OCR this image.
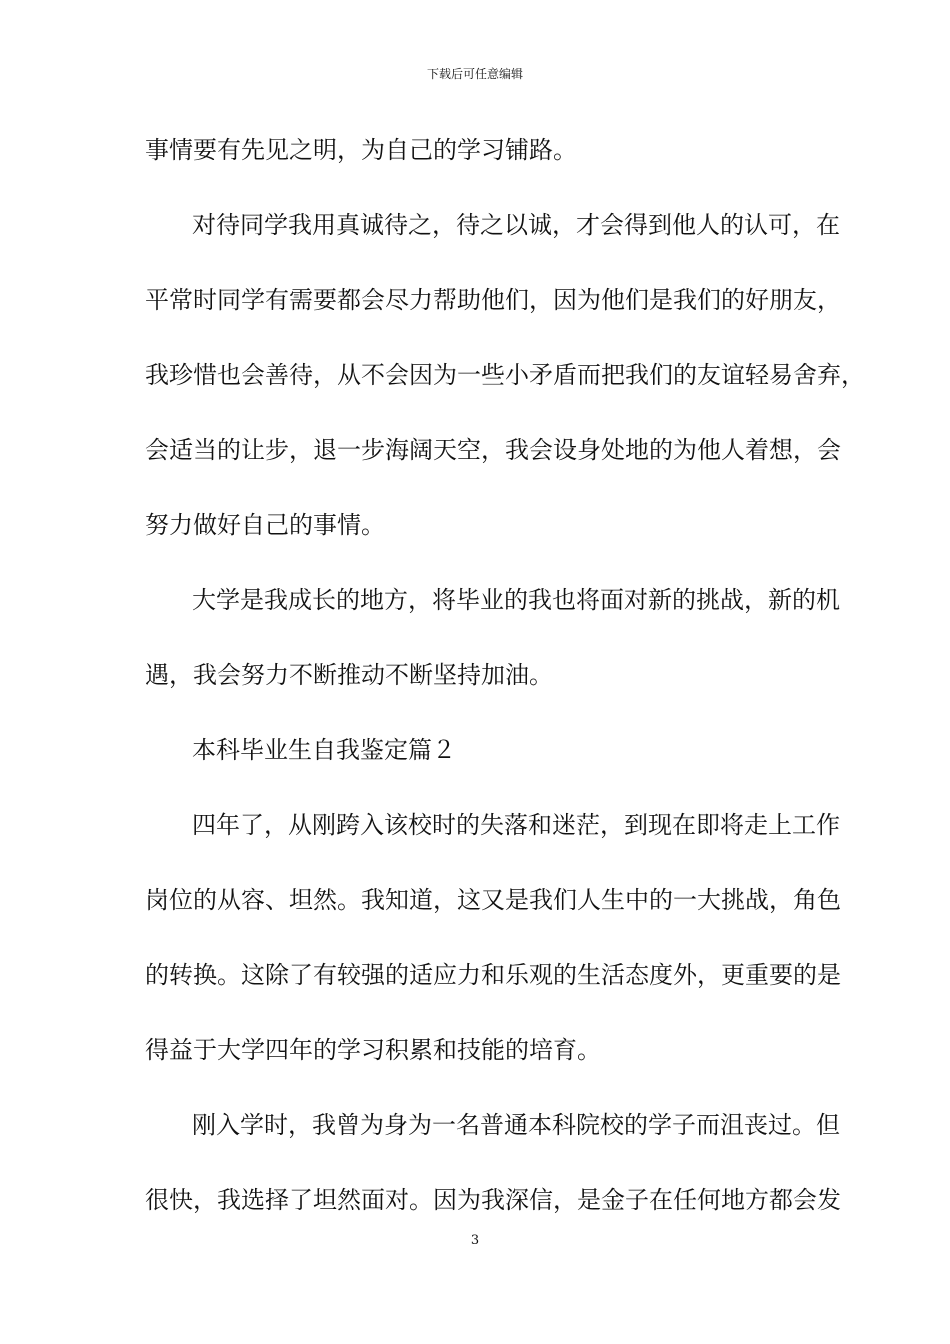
下载后可任意编辑
事情要有先见之明，为自己的学习铺路。
对待同学我用真诚待之，待之以诚，才会得到他人的认可，在
平常时同学有需要都会尽力帮助他们，因为他们是我们的好朋友，
我珍惜也会善待，从不会因为一些小矛盾而把我们的友谊轻易舍弃，
会适当的让步，退一步海阔天空，我会设身处地的为他人着想，会
努力做好自己的事情。
大学是我成长的地方，将毕业的我也将面对新的挑战，新的机
遇，我会努力不断推动不断坚持加油。
本科毕业生自我鉴定篇２
四年了，从刚跨入该校时的失落和迷茫，到现在即将走上工作
岗位的从容、坦然。我知道，这又是我们人生中的一大挑战，角色
的转换。这除了有较强的适应力和乐观的生活态度外，更重要的是
得益于大学四年的学习积累和技能的培育。
刚入学时，我曾为身为一名普通本科院校的学子而沮丧过。但
很快，我选择了坦然面对。因为我深信，是金子在任何地方都会发
3
